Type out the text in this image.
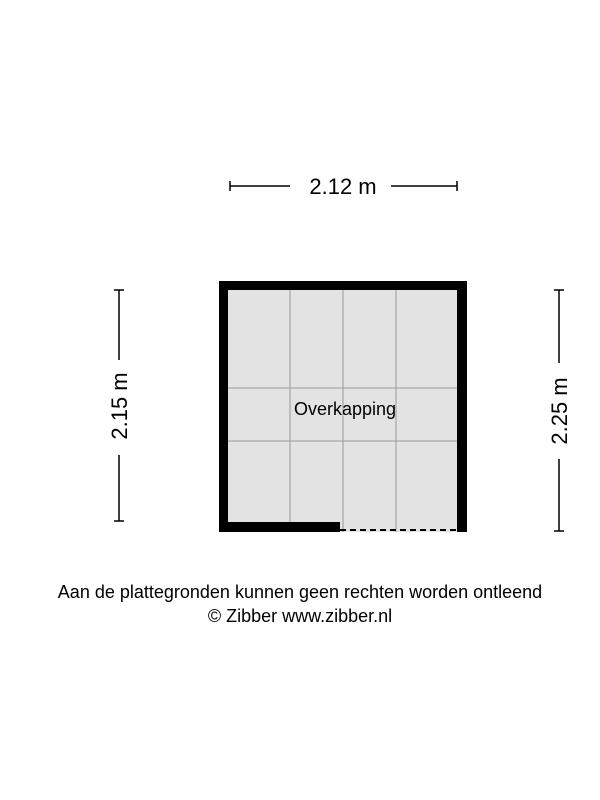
2.12 m
2.15 m	2.25 m
Overkapping
Aan de plattegronden kunnen geen rechten worden ontleend
© Zibber www.zibber.nl
